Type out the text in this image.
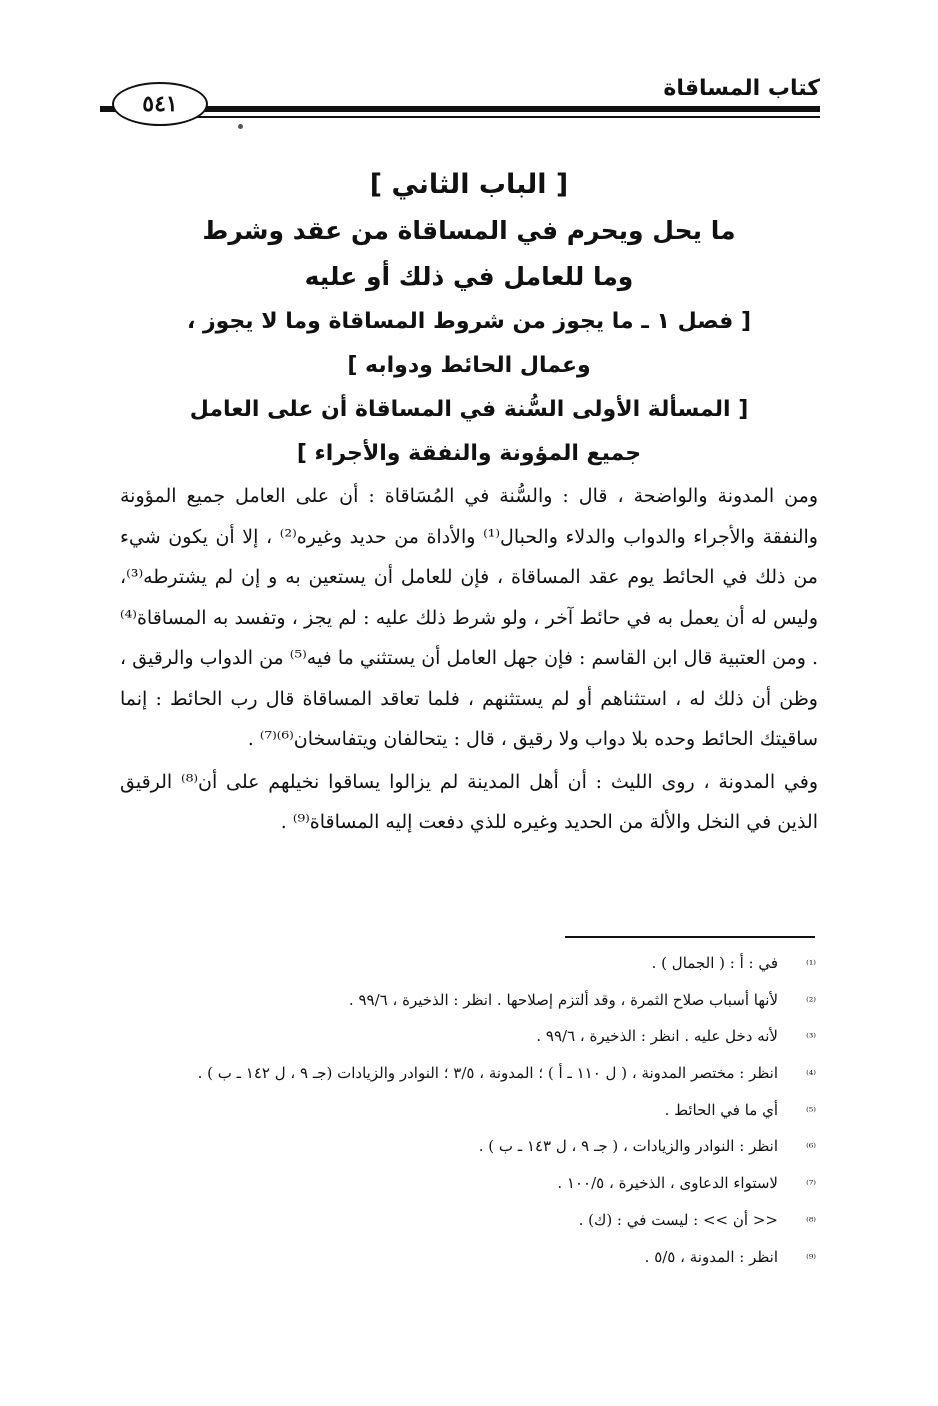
كتاب المساقاة
٥٤١
[ الباب الثاني ]
ما يحل ويحرم في المساقاة من عقد وشرط
وما للعامل في ذلك أو عليه
[ فصل ١ ـ ما يجوز من شروط المساقاة وما لا يجوز ،
وعمال الحائط ودوابه ]
[ المسألة الأولى السُّنة في المساقاة أن على العامل
جميع المؤونة والنفقة والأجراء ]

ومن المدونة والواضحة ، قال : والسُّنة في المُسَاقاة : أن على العامل جميع المؤونة والنفقة والأجراء والدواب والدلاء والحبال⁽¹⁾ والأداة من حديد وغيره⁽²⁾ ، إلا أن يكون شيء من ذلك في الحائط يوم عقد المساقاة ، فإن للعامل أن يستعين به و إن لم يشترطه⁽³⁾، وليس له أن يعمل به في حائط آخر ، ولو شرط ذلك عليه : لم يجز ، وتفسد به المساقاة⁽⁴⁾ . ومن العتبية قال ابن القاسم : فإن جهل العامل أن يستثني ما فيه⁽⁵⁾ من الدواب والرقيق ، وظن أن ذلك له ، استثناهم أو لم يستثنهم ، فلما تعاقد المساقاة قال رب الحائط : إنما ساقيتك الحائط وحده بلا دواب ولا رقيق ، قال : يتحالفان ويتفاسخان⁽⁶⁾⁽⁷⁾ .

وفي المدونة ، روى الليث : أن أهل المدينة لم يزالوا يساقوا نخيلهم على أن⁽⁸⁾ الرقيق الذين في النخل والألة من الحديد وغيره للذي دفعت إليه المساقاة⁽⁹⁾ .

⁽¹⁾
في : أ : ( الجمال ) .
⁽²⁾
لأنها أسباب صلاح الثمرة ، وقد ألتزم إصلاحها . انظر : الذخيرة ، ٩٩/٦ .
⁽³⁾
لأنه دخل عليه . انظر : الذخيرة ، ٩٩/٦ .
⁽⁴⁾
انظر : مختصر المدونة ، ( ل ١١٠ ـ أ ) ؛ المدونة ، ٣/٥ ؛ النوادر والزيادات (جـ ٩ ، ل ١٤٢ ـ ب ) .
⁽⁵⁾
أي ما في الحائط .
⁽⁶⁾
انظر : النوادر والزيادات ، ( جـ ٩ ، ل ١٤٣ ـ ب ) .
⁽⁷⁾
لاستواء الدعاوى ، الذخيرة ، ١٠٠/٥ .
⁽⁸⁾
<< أن >> : ليست في : (ك) .
⁽⁹⁾
انظر : المدونة ، ٥/٥ .
